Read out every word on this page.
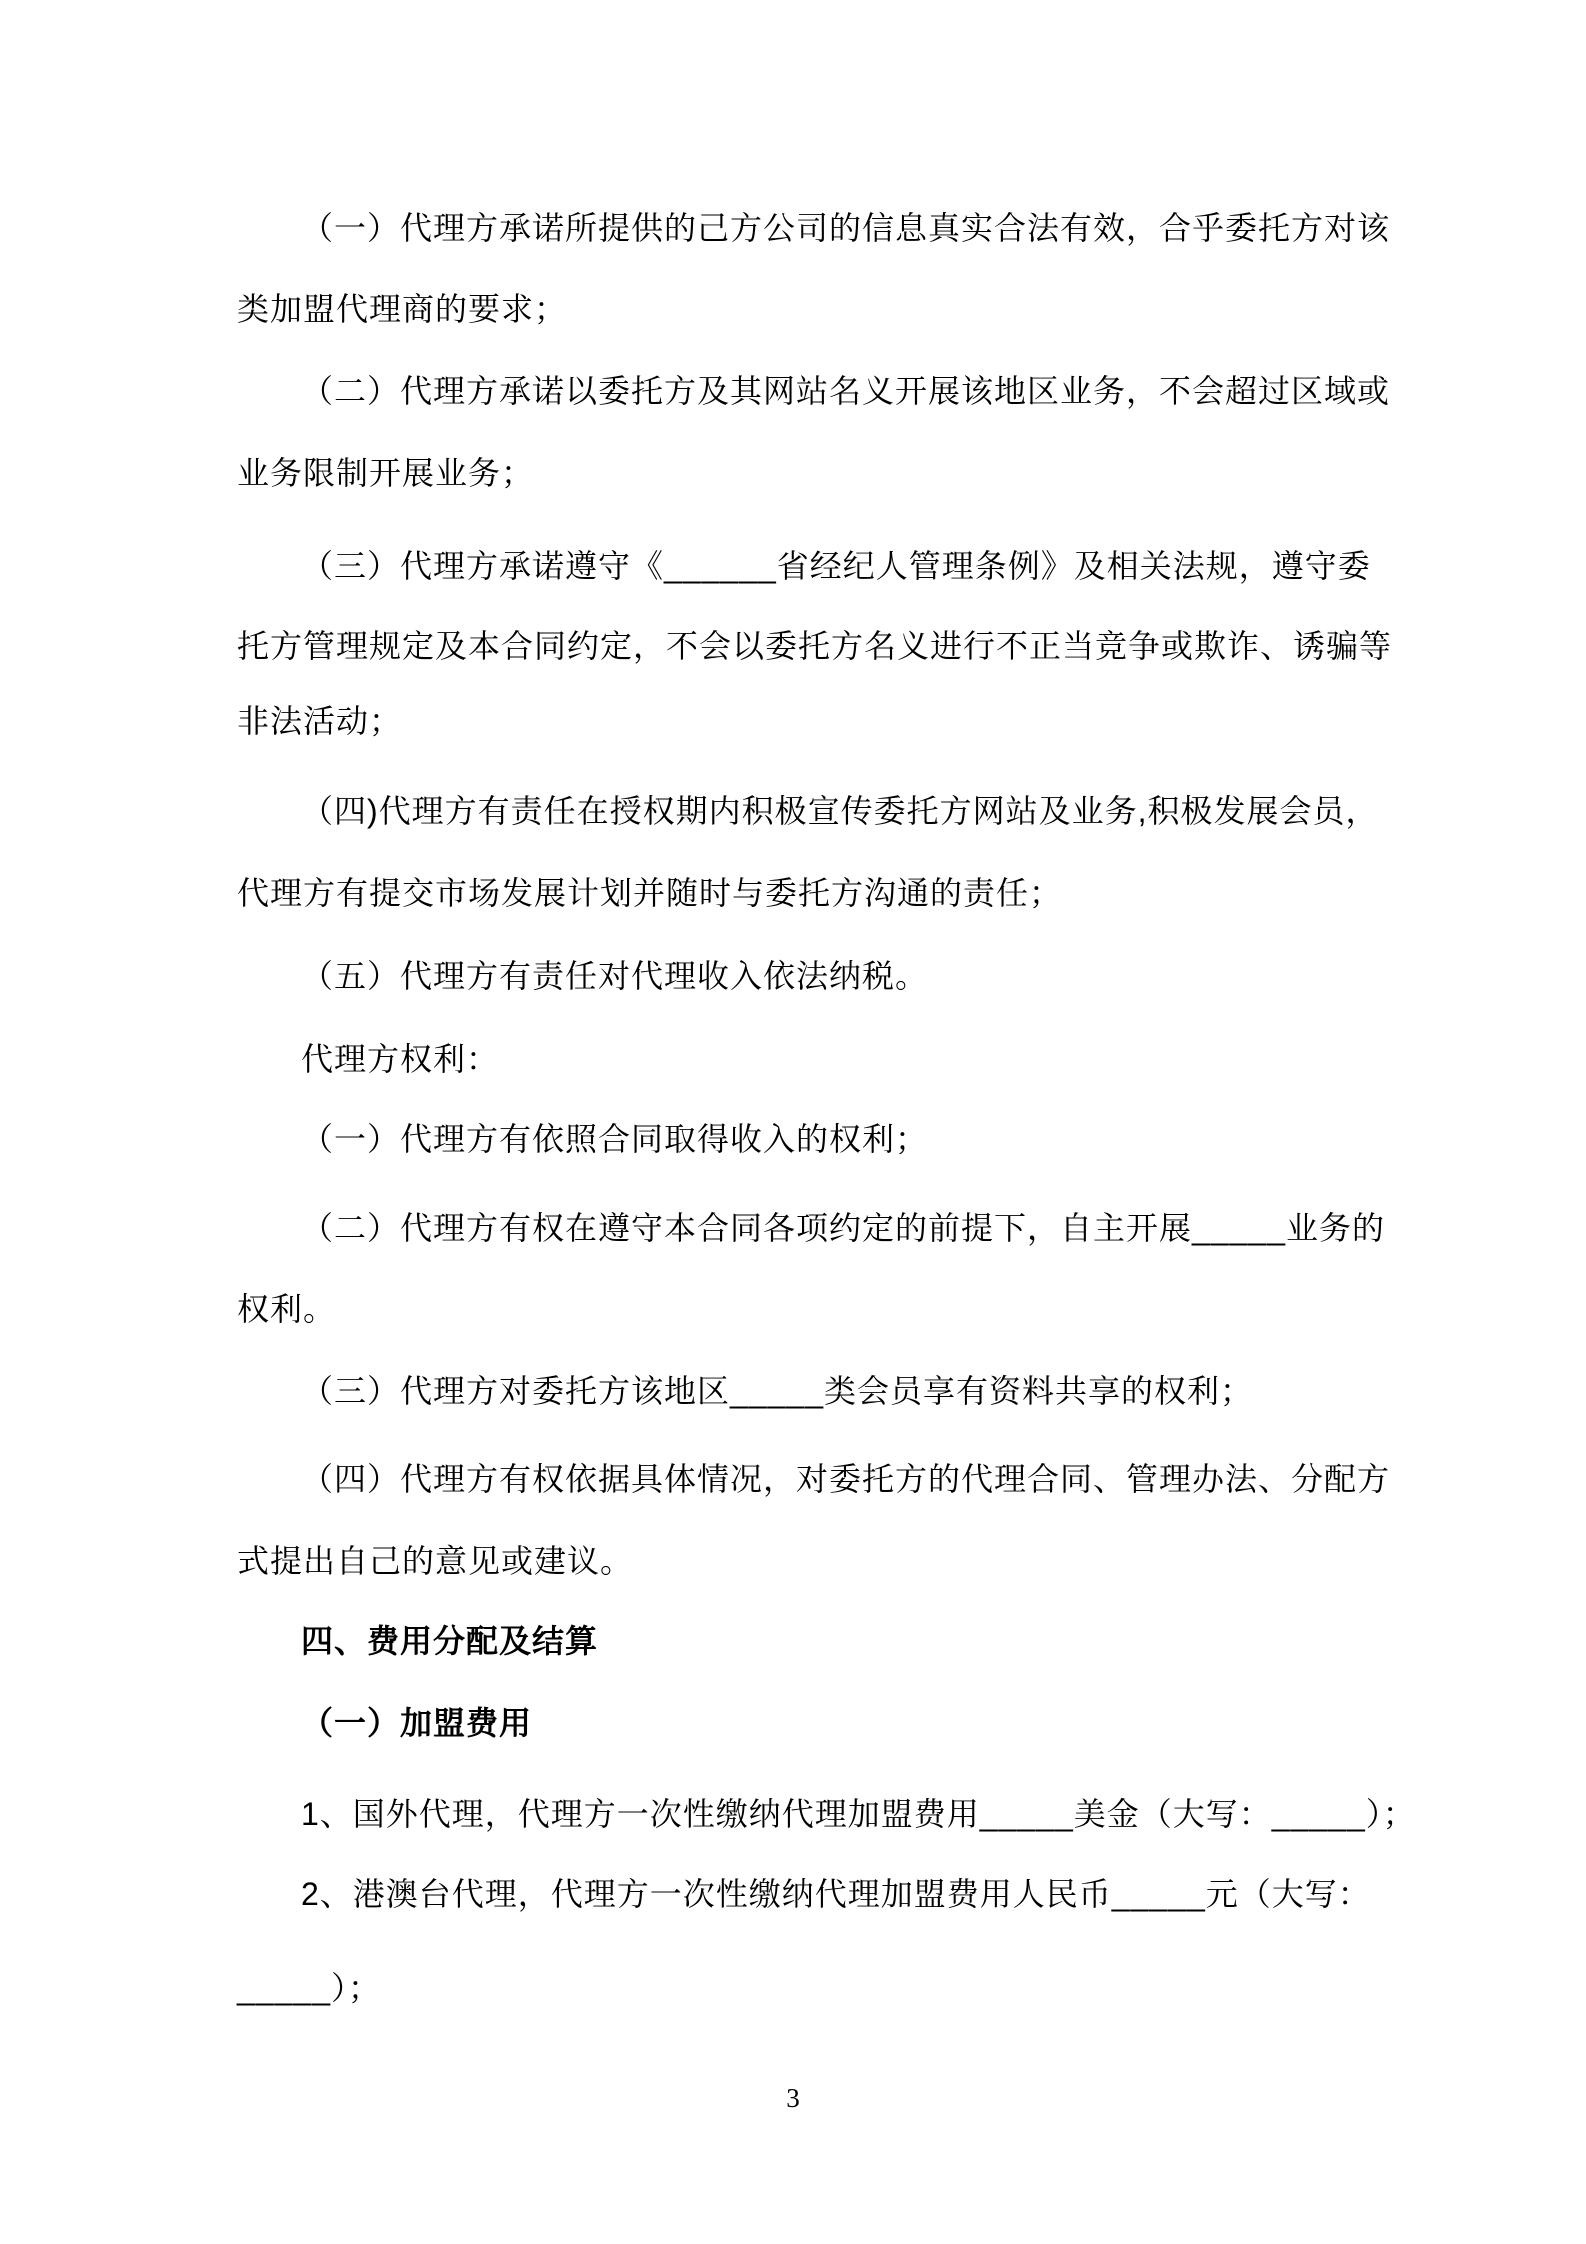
（一）代理方承诺所提供的己方公司的信息真实合法有效，合乎委托方对该
类加盟代理商的要求；
（二）代理方承诺以委托方及其网站名义开展该地区业务，不会超过区域或
业务限制开展业务；
（三）代理方承诺遵守《______省经纪人管理条例》及相关法规，遵守委
托方管理规定及本合同约定，不会以委托方名义进行不正当竞争或欺诈、诱骗等
非法活动；
（四)代理方有责任在授权期内积极宣传委托方网站及业务,积极发展会员，
代理方有提交市场发展计划并随时与委托方沟通的责任；
（五）代理方有责任对代理收入依法纳税。
代理方权利：
（一）代理方有依照合同取得收入的权利；
（二）代理方有权在遵守本合同各项约定的前提下，自主开展_____业务的
权利。
（三）代理方对委托方该地区_____类会员享有资料共享的权利；
（四）代理方有权依据具体情况，对委托方的代理合同、管理办法、分配方
式提出自己的意见或建议。
四、费用分配及结算
（一）加盟费用
1、国外代理，代理方一次性缴纳代理加盟费用_____美金（大写：_____）；
2、港澳台代理，代理方一次性缴纳代理加盟费用人民币_____元（大写：
_____）；
3
